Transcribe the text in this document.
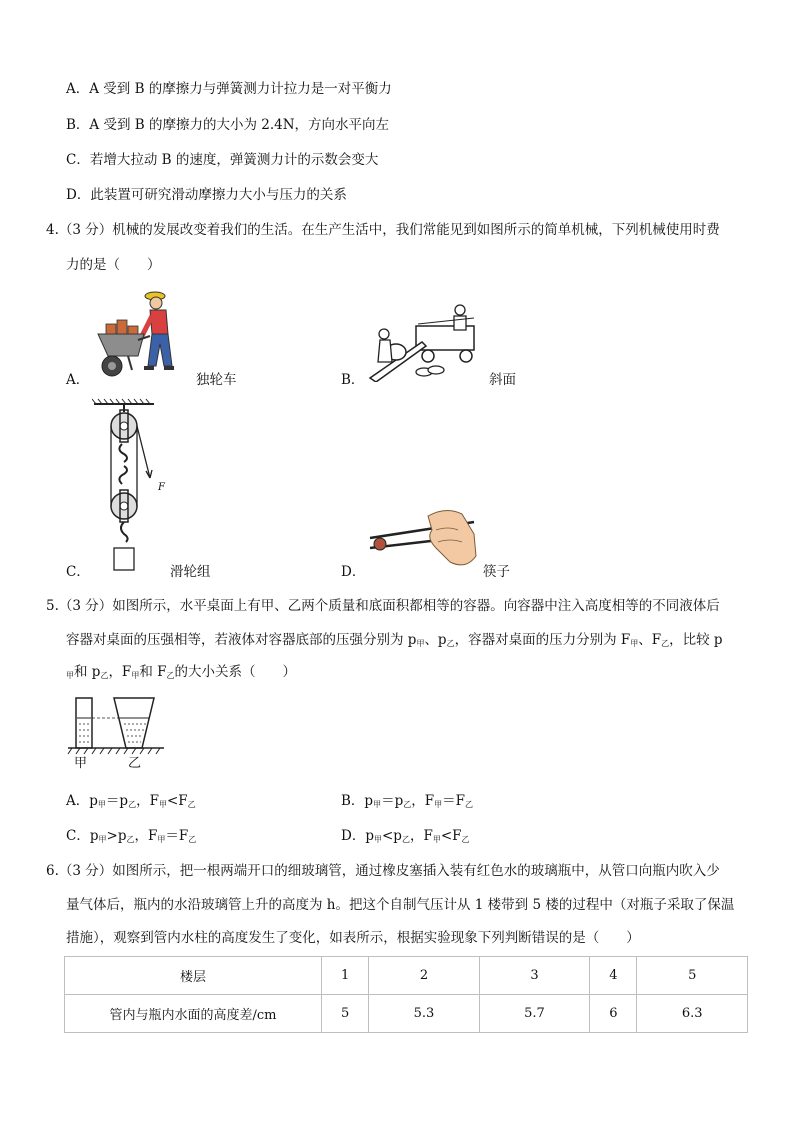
A．A 受到 B 的摩擦力与弹簧测力计拉力是一对平衡力
B．A 受到 B 的摩擦力的大小为 2.4N，方向水平向左
C．若增大拉动 B 的速度，弹簧测力计的示数会变大
D．此装置可研究滑动摩擦力大小与压力的关系
4.（3 分）机械的发展改变着我们的生活。在生产生活中，我们常能见到如图所示的简单机械，下列机械使用时费
力的是（　　）
A．	独轮车	B．	斜面
C．
F
滑轮组	D．	筷子
5.（3 分）如图所示，水平桌面上有甲、乙两个质量和底面积都相等的容器。向容器中注入高度相等的不同液体后
容器对桌面的压强相等，若液体对容器底部的压强分别为 $p_甲$、$p_乙$，容器对桌面的压力分别为 $F_甲$、$F_乙$，比较 p
$_甲$和 $p_乙$，$F_甲$和 $F_乙$的大小关系（　　）
甲	乙
A．$p_甲=p_乙$，$F_甲<F_乙$	B．$p_甲=p_乙$，$F_甲=F_乙$
C．$p_甲>p_乙$，$F_甲=F_乙$	D．$p_甲<p_乙$，$F_甲<F_乙$
6.（3 分）如图所示，把一根两端开口的细玻璃管，通过橡皮塞插入装有红色水的玻璃瓶中，从管口向瓶内吹入少
量气体后，瓶内的水沿玻璃管上升的高度为 h。把这个自制气压计从 1 楼带到 5 楼的过程中（对瓶子采取了保温
措施），观察到管内水柱的高度发生了变化，如表所示，根据实验现象下列判断错误的是（　　）
楼层	1	2	3	4	5
管内与瓶内水面的高度差/cm	5	5.3	5.7	6	6.3
